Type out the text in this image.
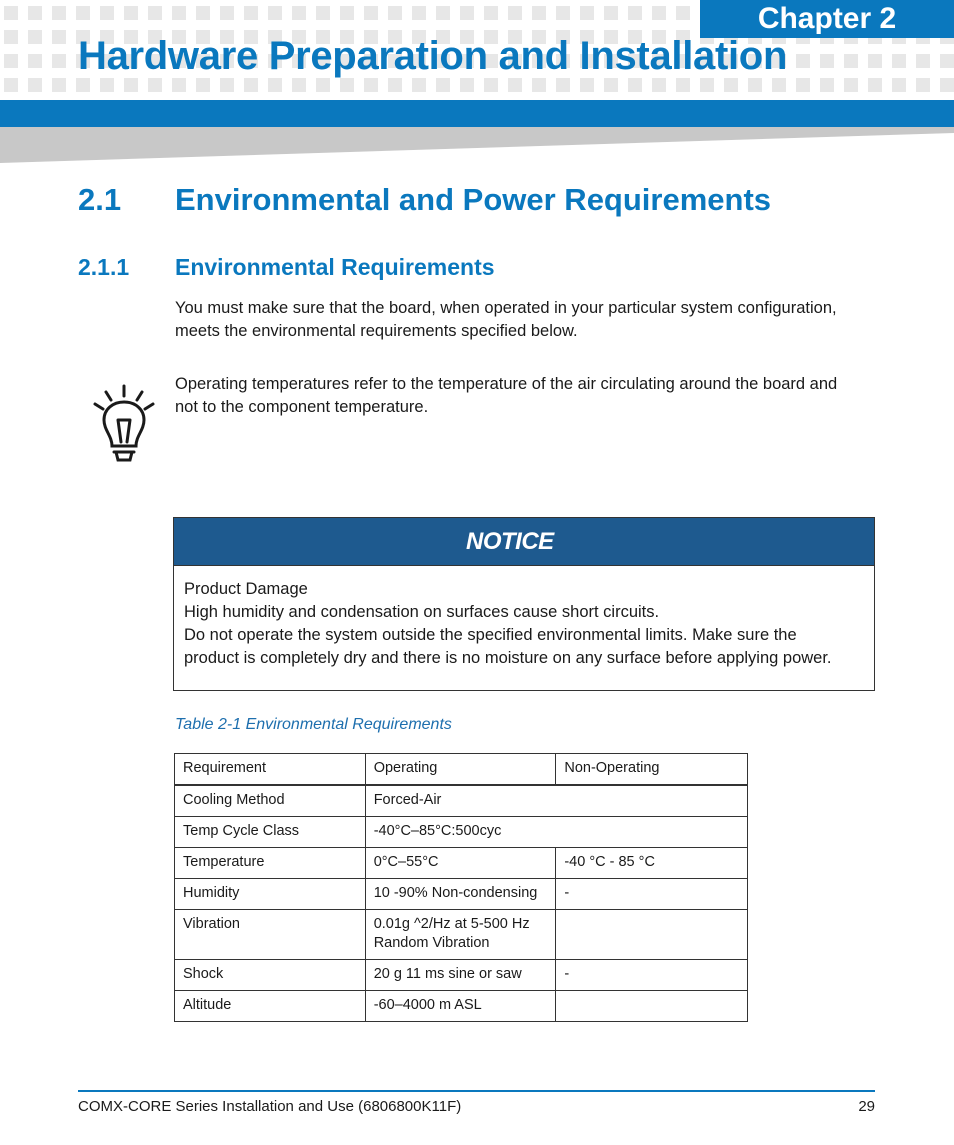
Chapter 2
Hardware Preparation and Installation
2.1 Environmental and Power Requirements
2.1.1 Environmental Requirements

You must make sure that the board, when operated in your particular system configuration,
meets the environmental requirements specified below.

Operating temperatures refer to the temperature of the air circulating around the board and
not to the component temperature.

NOTICE
Product Damage
High humidity and condensation on surfaces cause short circuits.
Do not operate the system outside the specified environmental limits. Make sure the
product is completely dry and there is no moisture on any surface before applying power.
Table 2-1 Environmental Requirements
Requirement	Operating	Non-Operating
Cooling Method	Forced-Air	
Temp Cycle Class	-40°C–85°C:500cyc	
Temperature	0°C–55°C	-40 °C - 85 °C
Humidity	10 -90% Non-condensing	-
Vibration	0.01g ^2/Hz at 5-500 Hz
Random Vibration	
Shock	20 g 11 ms sine or saw	-
Altitude	-60–4000 m ASL	
COMX-CORE Series Installation and Use (6806800K11F)	29
